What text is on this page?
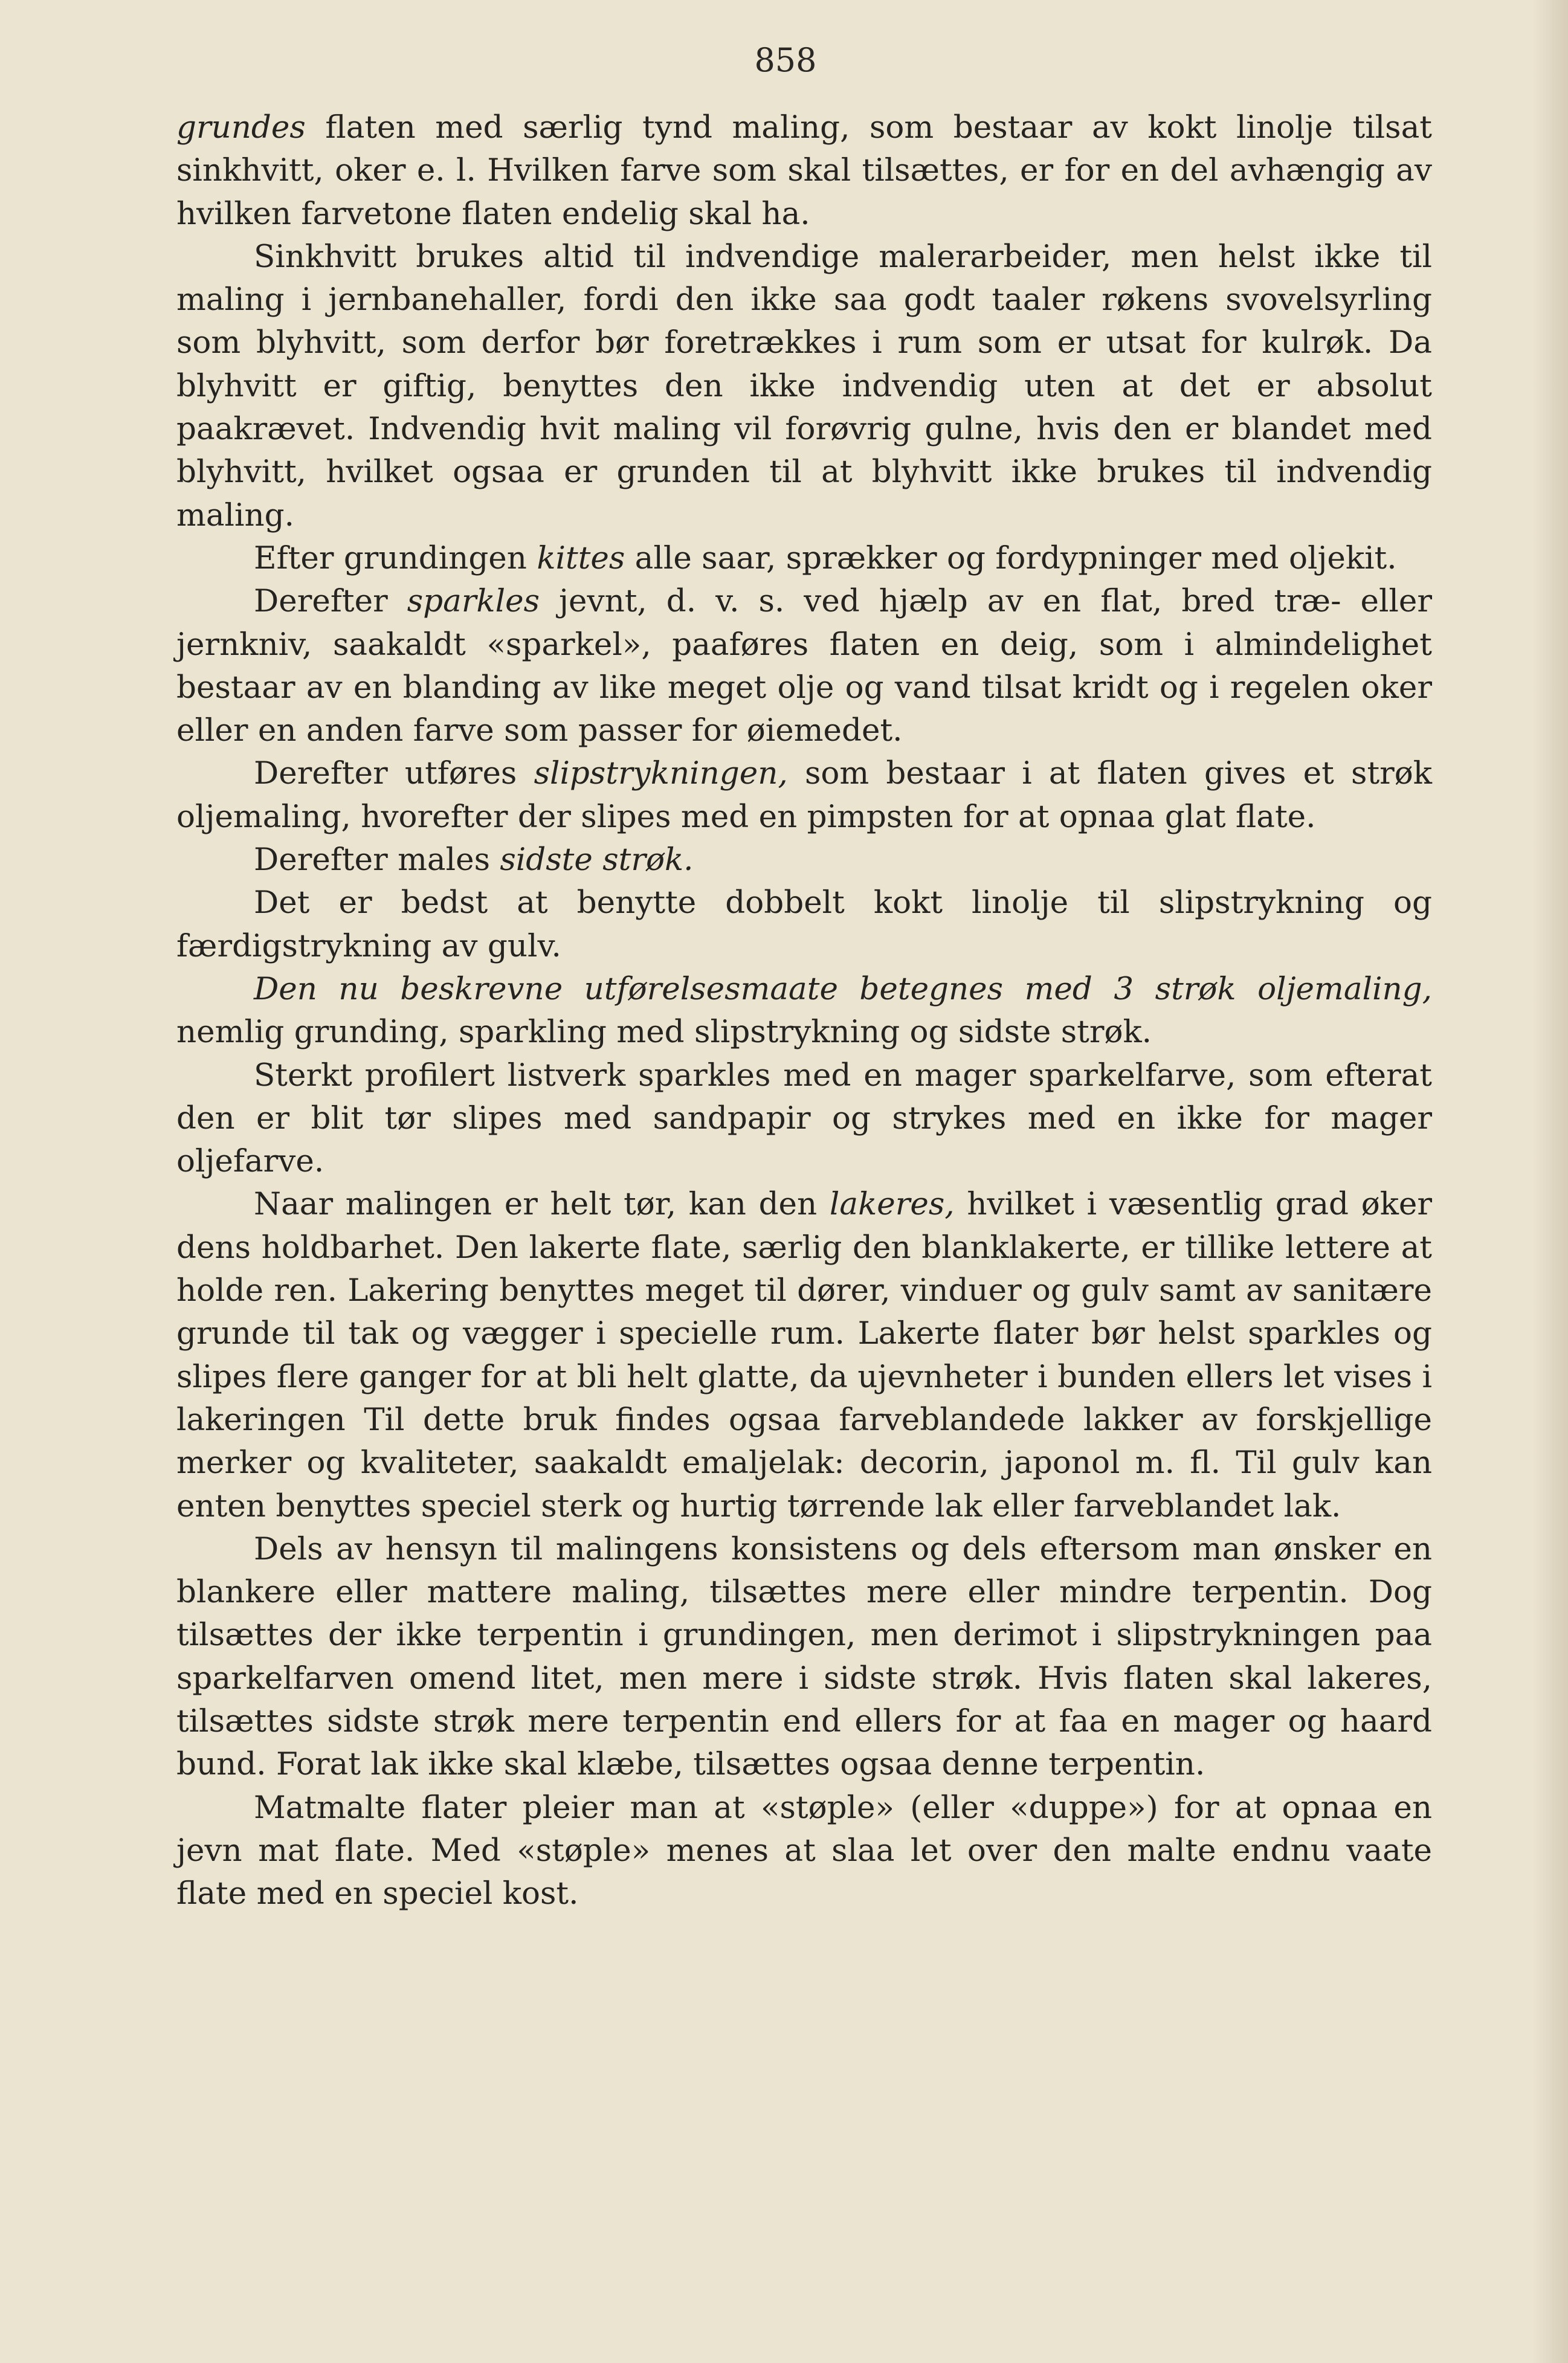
858

grundes flaten med særlig tynd maling, som bestaar av kokt linolje tilsat sinkhvitt, oker e. l. Hvilken farve som skal tilsættes, er for en del avhængig av hvilken farvetone flaten endelig skal ha.

Sinkhvitt brukes altid til indvendige malerarbeider, men helst ikke til maling i jernbanehaller, fordi den ikke saa godt taaler røkens svovelsyrling som blyhvitt, som derfor bør foretrækkes i rum som er utsat for kulrøk. Da blyhvitt er giftig, benyttes den ikke indvendig uten at det er absolut paakrævet. Indvendig hvit maling vil forøvrig gulne, hvis den er blandet med blyhvitt, hvilket ogsaa er grunden til at blyhvitt ikke brukes til indvendig maling.

Efter grundingen kittes alle saar, sprækker og fordypninger med oljekit.

Derefter sparkles jevnt, d. v. s. ved hjælp av en flat, bred træ- eller jernkniv, saakaldt «sparkel», paaføres flaten en deig, som i almindelighet bestaar av en blanding av like meget olje og vand tilsat kridt og i regelen oker eller en anden farve som passer for øiemedet.

Derefter utføres slipstrykningen, som bestaar i at flaten gives et strøk oljemaling, hvorefter der slipes med en pimpsten for at opnaa glat flate.

Derefter males sidste strøk.

Det er bedst at benytte dobbelt kokt linolje til slipstrykning og færdigstrykning av gulv.

Den nu beskrevne utførelsesmaate betegnes med 3 strøk oljemaling, nemlig grunding, sparkling med slipstrykning og sidste strøk.

Sterkt profilert listverk sparkles med en mager sparkelfarve, som efterat den er blit tør slipes med sandpapir og strykes med en ikke for mager oljefarve.

Naar malingen er helt tør, kan den lakeres, hvilket i væsentlig grad øker dens holdbarhet. Den lakerte flate, særlig den blanklakerte, er tillike lettere at holde ren. Lakering benyttes meget til dører, vinduer og gulv samt av sanitære grunde til tak og vægger i specielle rum. Lakerte flater bør helst sparkles og slipes flere ganger for at bli helt glatte, da ujevnheter i bunden ellers let vises i lakeringen Til dette bruk findes ogsaa farveblandede lakker av forskjellige merker og kvaliteter, saakaldt emaljelak: decorin, japonol m. fl. Til gulv kan enten benyttes speciel sterk og hurtig tørrende lak eller farveblandet lak.

Dels av hensyn til malingens konsistens og dels eftersom man ønsker en blankere eller mattere maling, tilsættes mere eller mindre terpentin. Dog tilsættes der ikke terpentin i grundingen, men derimot i slipstrykningen paa sparkelfarven omend litet, men mere i sidste strøk. Hvis flaten skal lakeres, tilsættes sidste strøk mere terpentin end ellers for at faa en mager og haard bund. Forat lak ikke skal klæbe, tilsættes ogsaa denne terpentin.

Matmalte flater pleier man at «støple» (eller «duppe») for at opnaa en jevn mat flate. Med «støple» menes at slaa let over den malte endnu vaate flate med en speciel kost.
